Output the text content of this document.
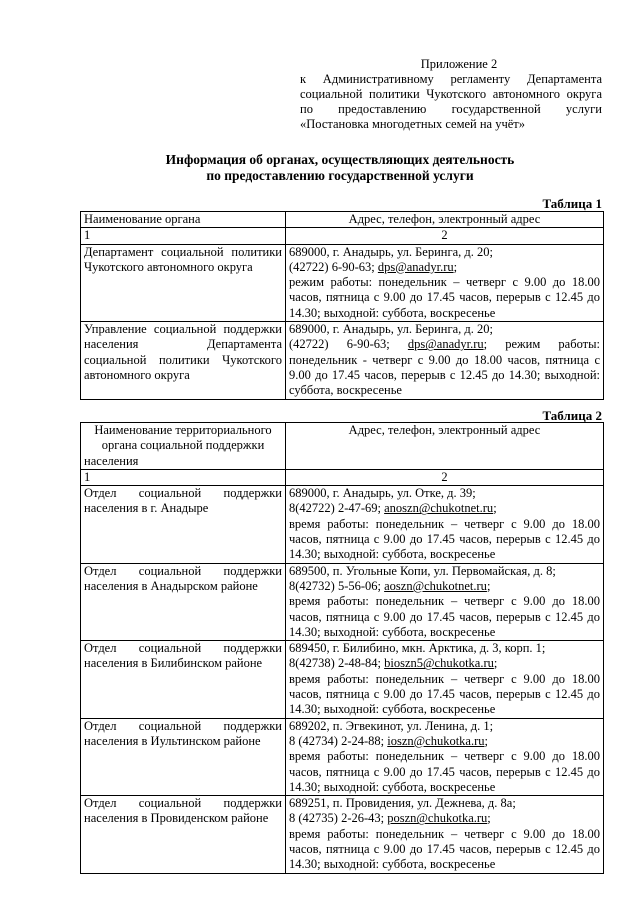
Приложение 2
к Административному регламенту Департамента
социальной политики Чукотского автономного округа
по предоставлению государственной услуги
«Постановка многодетных семей на учёт»
Информация об органах, осуществляющих деятельность
по предоставлению государственной услуги
Таблица 1
Наименование органа	Адрес, телефон, электронный адрес
1	2
Департамент социальной политики Чукотского автономного округа	689000, г. Анадырь, ул. Беринга, д. 20;
(42722) 6-90-63; dps@anadyr.ru;
режим работы: понедельник – четверг с 9.00 до 18.00 часов, пятница с 9.00 до 17.45 часов, перерыв с 12.45 до 14.30; выходной: суббота, воскресенье

Управление социальной поддержки населения Департамента социальной политики Чукотского автономного округа	689000, г. Анадырь, ул. Беринга, д. 20;
(42722) 6-90-63; dps@anadyr.ru; режим работы: понедельник - четверг с 9.00 до 18.00 часов, пятница с 9.00 до 17.45 часов, перерыв с 12.45 до 14.30; выходной: суббота, воскресенье
Таблица 2
Наименование территориального органа социальной поддержки населения	Адрес, телефон, электронный адрес
1	2
Отдел социальной поддержки населения в г. Анадыре	689000, г. Анадырь, ул. Отке, д. 39;
8(42722) 2-47-69; anoszn@chukotnet.ru;
время работы: понедельник – четверг с 9.00 до 18.00 часов, пятница с 9.00 до 17.45 часов, перерыв с 12.45 до 14.30; выходной: суббота, воскресенье

Отдел социальной поддержки населения в Анадырском районе	689500, п. Угольные Копи, ул. Первомайская, д. 8;
8(42732) 5-56-06; aoszn@chukotnet.ru;
время работы: понедельник – четверг с 9.00 до 18.00 часов, пятница с 9.00 до 17.45 часов, перерыв с 12.45 до 14.30; выходной: суббота, воскресенье

Отдел социальной поддержки населения в Билибинском районе	689450, г. Билибино, мкн. Арктика, д. 3, корп. 1;
8(42738) 2-48-84; bioszn5@chukotka.ru;
время работы: понедельник – четверг с 9.00 до 18.00 часов, пятница с 9.00 до 17.45 часов, перерыв с 12.45 до 14.30; выходной: суббота, воскресенье

Отдел социальной поддержки населения в Иультинском районе	689202, п. Эгвекинот, ул. Ленина, д. 1;
8 (42734) 2-24-88; ioszn@chukotka.ru;
время работы: понедельник – четверг с 9.00 до 18.00 часов, пятница с 9.00 до 17.45 часов, перерыв с 12.45 до 14.30; выходной: суббота, воскресенье

Отдел социальной поддержки населения в Провиденском районе	689251, п. Провидения, ул. Дежнева, д. 8а;
8 (42735) 2-26-43; poszn@chukotka.ru;
время работы: понедельник – четверг с 9.00 до 18.00 часов, пятница с 9.00 до 17.45 часов, перерыв с 12.45 до 14.30; выходной: суббота, воскресенье
